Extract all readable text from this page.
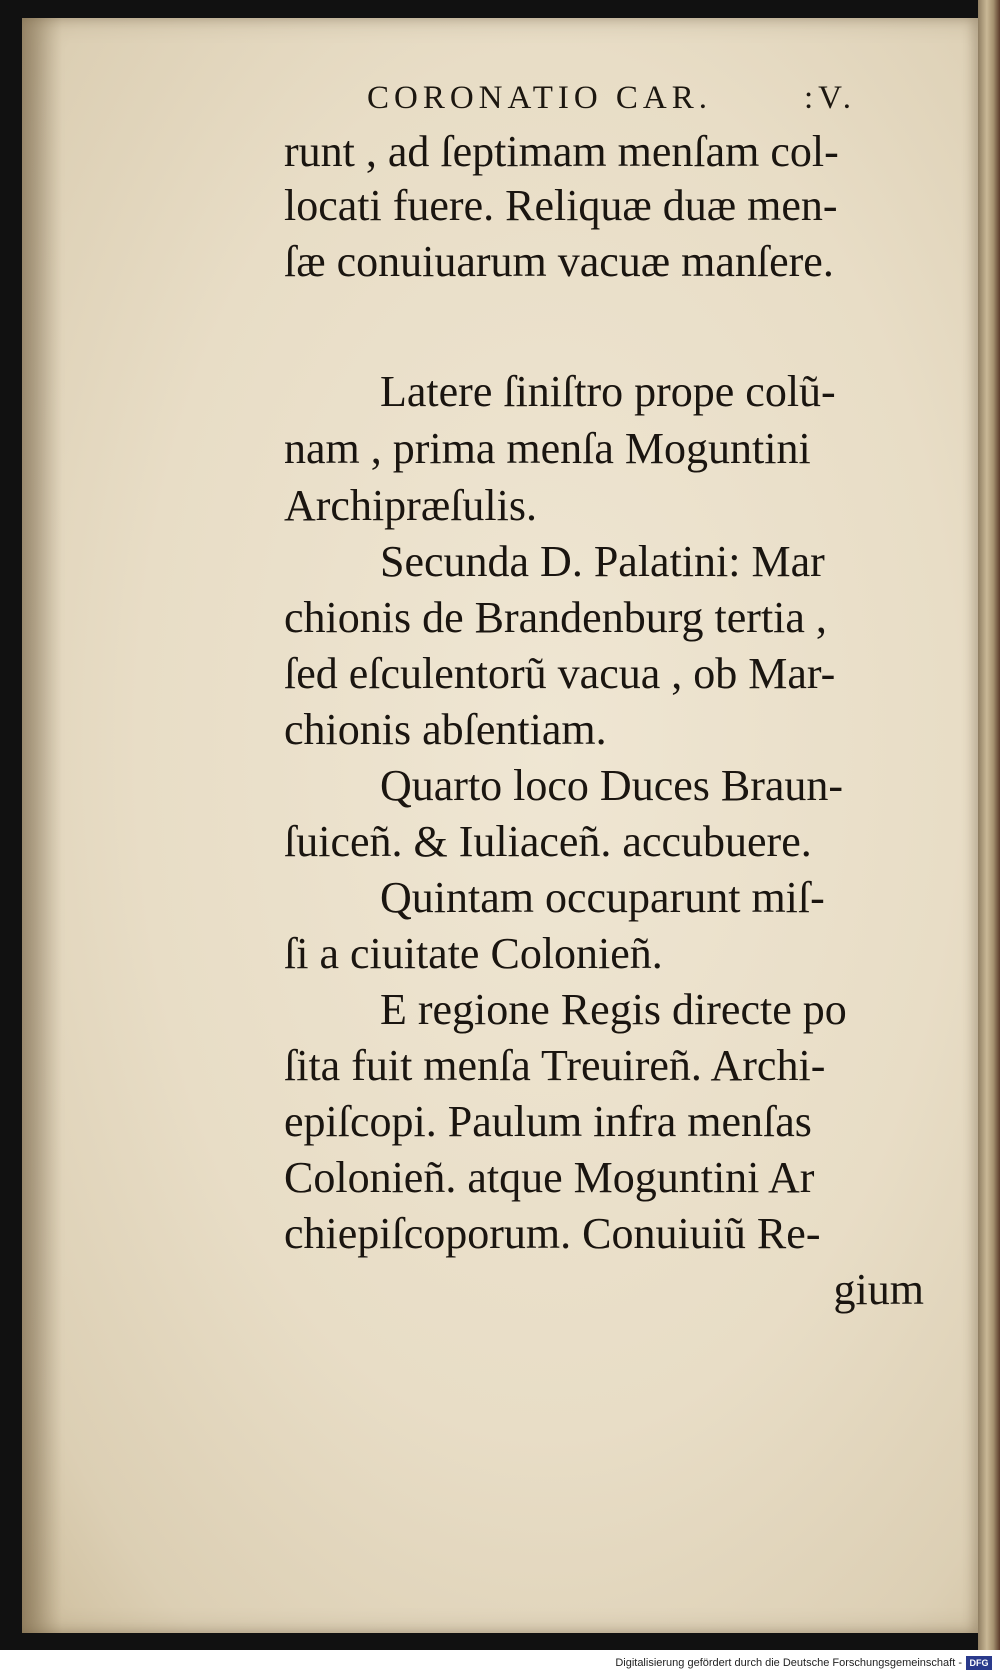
CORONATIO CAR.	:V.
runt , ad ſeptimam menſam col-
locati fuere. Reliquæ duæ men-
ſæ conuiuarum vacuæ manſere.
Latere ſiniſtro prope colũ-
nam , prima menſa Moguntini
Archipræſulis.
Secunda D. Palatini: Mar
chionis de Brandenburg tertia ,
ſed eſculentorũ vacua , ob Mar-
chionis abſentiam.
Quarto loco Duces Braun-
ſuiceñ. & Iuliaceñ. accubuere.
Quintam occuparunt miſ-
ſi a ciuitate Colonieñ.
E regione Regis directe po
ſita fuit menſa Treuireñ. Archi-
epiſcopi. Paulum infra menſas
Colonieñ. atque Moguntini Ar
chiepiſcoporum. Conuiuiũ Re-
gium
Digitalisierung gefördert durch die Deutsche Forschungsgemeinschaft - DFG
